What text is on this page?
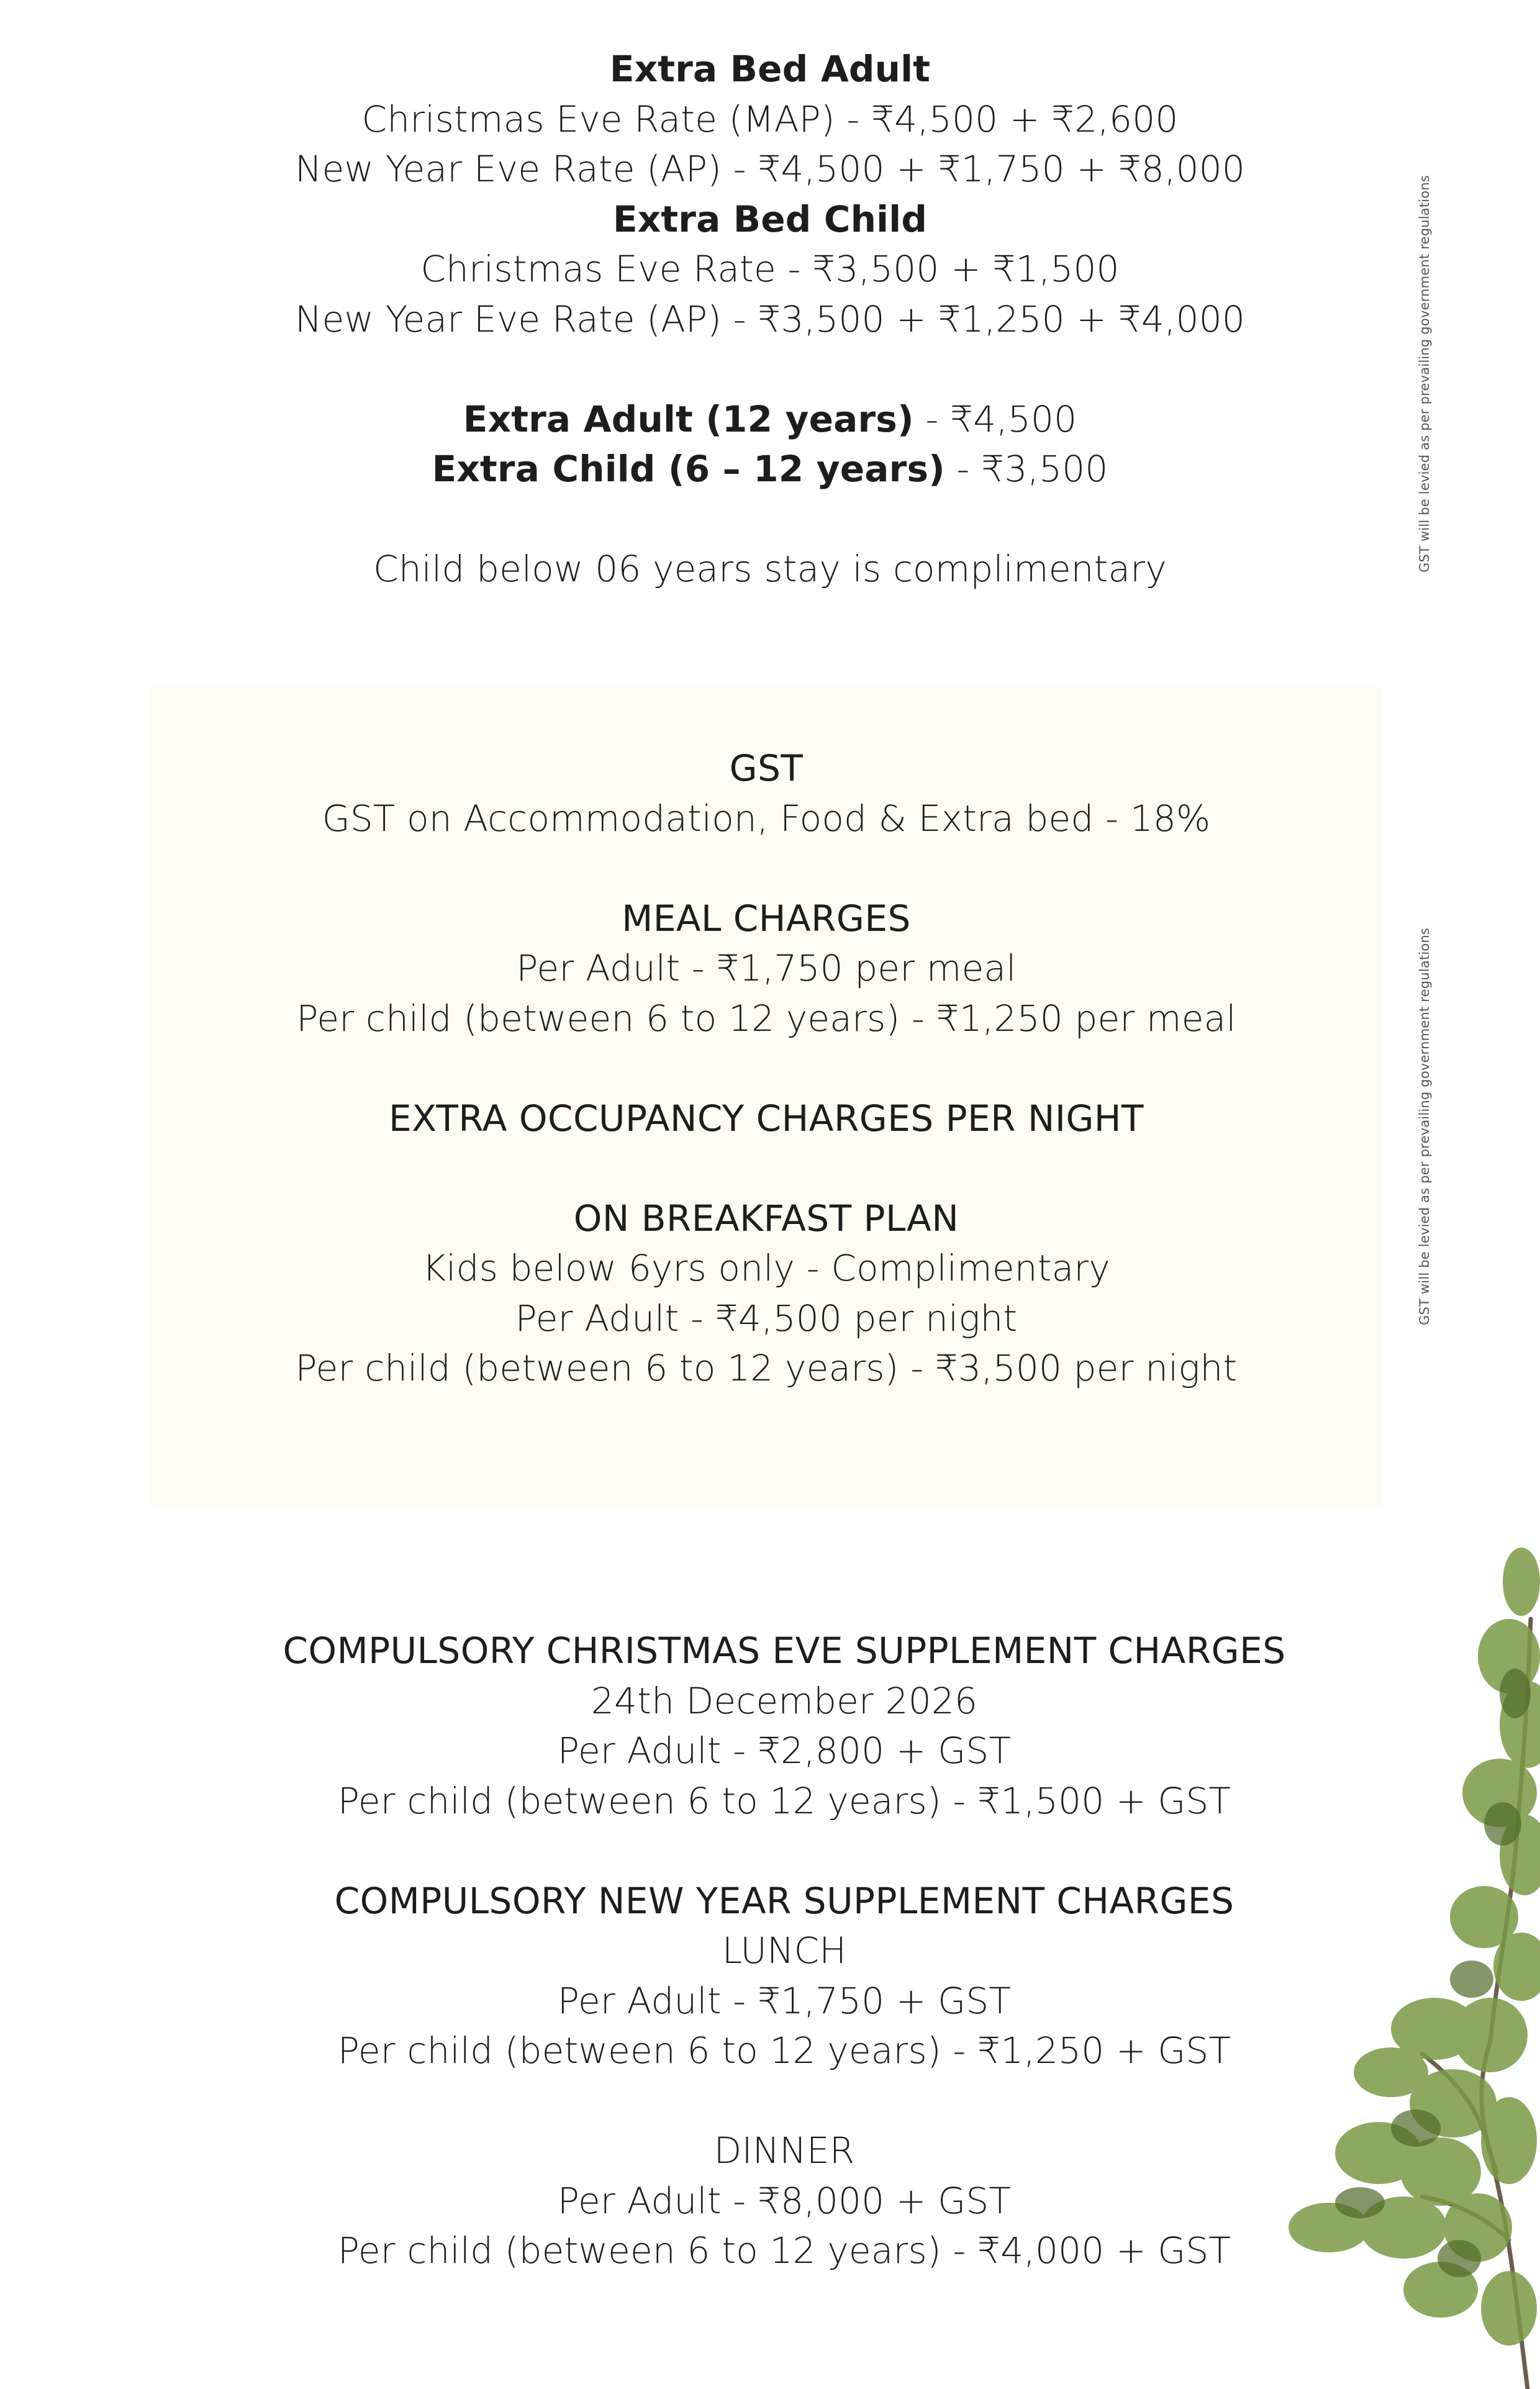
Extra Bed Adult
Christmas Eve Rate (MAP) - ₹4,500 + ₹2,600
New Year Eve Rate (AP) - ₹4,500 + ₹1,750 + ₹8,000
Extra Bed Child
Christmas Eve Rate - ₹3,500 + ₹1,500
New Year Eve Rate (AP) - ₹3,500 + ₹1,250 + ₹4,000
Extra Adult (12 years) - ₹4,500
Extra Child (6 – 12 years) - ₹3,500
Child below 06 years stay is complimentary
GST
GST on Accommodation, Food & Extra bed - 18%
MEAL CHARGES
Per Adult - ₹1,750 per meal
Per child (between 6 to 12 years) - ₹1,250 per meal
EXTRA OCCUPANCY CHARGES PER NIGHT
ON BREAKFAST PLAN
Kids below 6yrs only - Complimentary
Per Adult - ₹4,500 per night
Per child (between 6 to 12 years) - ₹3,500 per night
COMPULSORY CHRISTMAS EVE SUPPLEMENT CHARGES
24th December 2026
Per Adult - ₹2,800 + GST
Per child (between 6 to 12 years) - ₹1,500 + GST
COMPULSORY NEW YEAR SUPPLEMENT CHARGES
LUNCH
Per Adult - ₹1,750 + GST
Per child (between 6 to 12 years) - ₹1,250 + GST
DINNER
Per Adult - ₹8,000 + GST
Per child (between 6 to 12 years) - ₹4,000 + GST
GST will be levied as per prevailing government regulations
GST will be levied as per prevailing government regulations
